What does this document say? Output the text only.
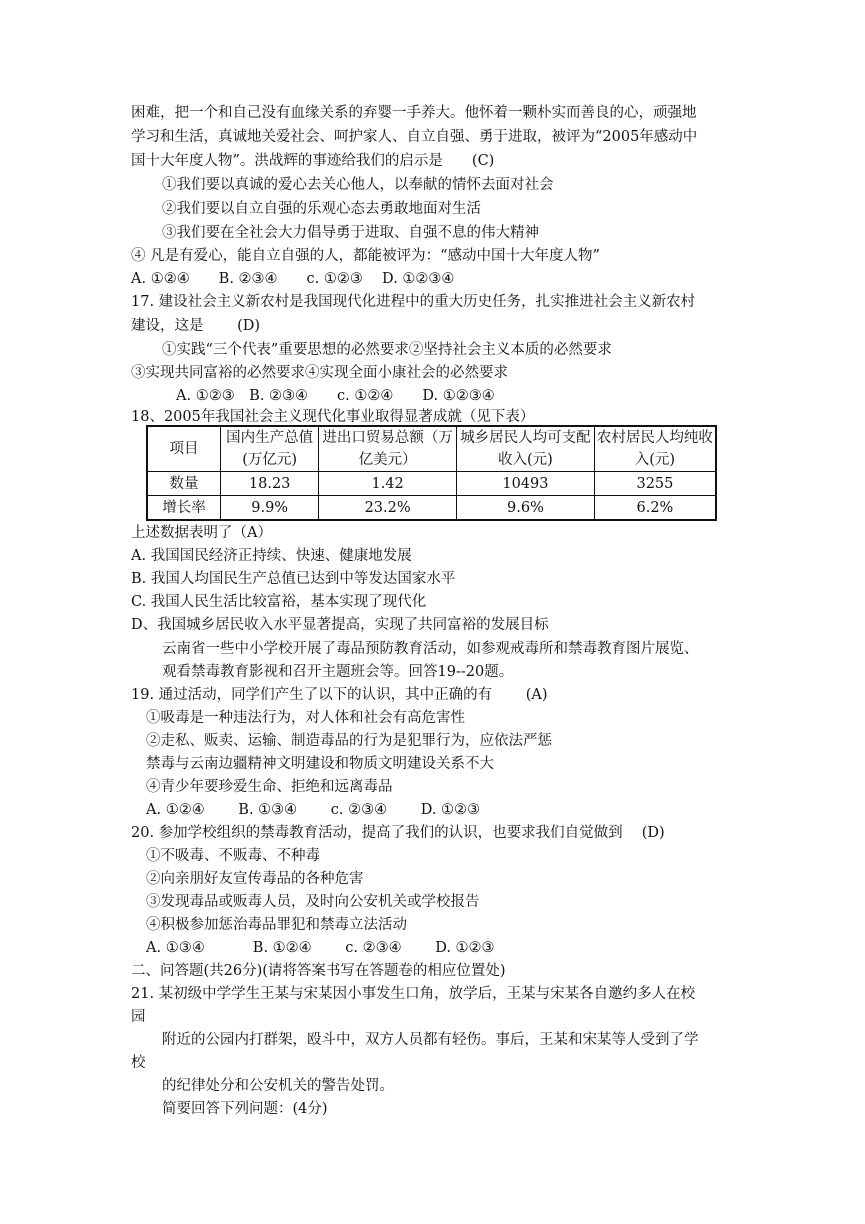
困难，把一个和自己没有血缘关系的弃婴一手养大。他怀着一颗朴实而善良的心，顽强地
学习和生活，真诚地关爱社会、呵护家人、自立自强、勇于进取，被评为“2005年感动中
国十大年度人物”。洪战辉的事迹给我们的启示是　　(C)
①我们要以真诚的爱心去关心他人，以奉献的情怀去面对社会
②我们要以自立自强的乐观心态去勇敢地面对生活
③我们要在全社会大力倡导勇于进取、自强不息的伟大精神
④ 凡是有爱心，能自立自强的人，都能被评为：“感动中国十大年度人物”
A. ①②④　　B. ②③④　　c. ①②③　 D. ①②③④
17. 建设社会主义新农村是我国现代化进程中的重大历史任务，扎实推进社会主义新农村
建设，这是　　 (D)
①实践“三个代表”重要思想的必然要求②坚持社会主义本质的必然要求
③实现共同富裕的必然要求④实现全面小康社会的必然要求
A. ①②③　B. ②③④　　c. ①②④　　D. ①②③④
18、2005年我国社会主义现代化事业取得显著成就（见下表）
项目	国内生产总值(万亿元)	进出口贸易总额（万亿美元）	城乡居民人均可支配收入(元)	农村居民人均纯收入(元)
数量	18.23	1.42	10493	3255
增长率	9.9%	23.2%	9.6%	6.2%
上述数据表明了（A）
A. 我国国民经济正持续、快速、健康地发展
B. 我国人均国民生产总值已达到中等发达国家水平
C. 我国人民生活比较富裕，基本实现了现代化
D、我国城乡居民收入水平显著提高，实现了共同富裕的发展目标
云南省一些中小学校开展了毒品预防教育活动，如参观戒毒所和禁毒教育图片展览、
观看禁毒教育影视和召开主题班会等。回答19--20题。
19. 通过活动，同学们产生了以下的认识，其中正确的有　　 (A)
①吸毒是一种违法行为，对人体和社会有高危害性
②走私、贩卖、运输、制造毒品的行为是犯罪行为，应依法严惩
禁毒与云南边疆精神文明建设和物质文明建设关系不大
④青少年要珍爱生命、拒绝和远离毒品
A. ①②④　　 B. ①③④　　 c. ②③④　　 D. ①②③
20. 参加学校组织的禁毒教育活动，提高了我们的认识，也要求我们自觉做到　 (D)
①不吸毒、不贩毒、不种毒
②向亲朋好友宣传毒品的各种危害
③发现毒品或贩毒人员，及时向公安机关或学校报告
④积极参加惩治毒品罪犯和禁毒立法活动
A. ①③④　　　 B. ①②④　　 c. ②③④　　 D. ①②③
二、问答题(共26分)(请将答案书写在答题卷的相应位置处)
21. 某初级中学学生王某与宋某因小事发生口角，放学后，王某与宋某各自邀约多人在校
园
附近的公园内打群架，殴斗中，双方人员都有轻伤。事后，王某和宋某等人受到了学
校
的纪律处分和公安机关的警告处罚。
简要回答下列问题：(4分)
